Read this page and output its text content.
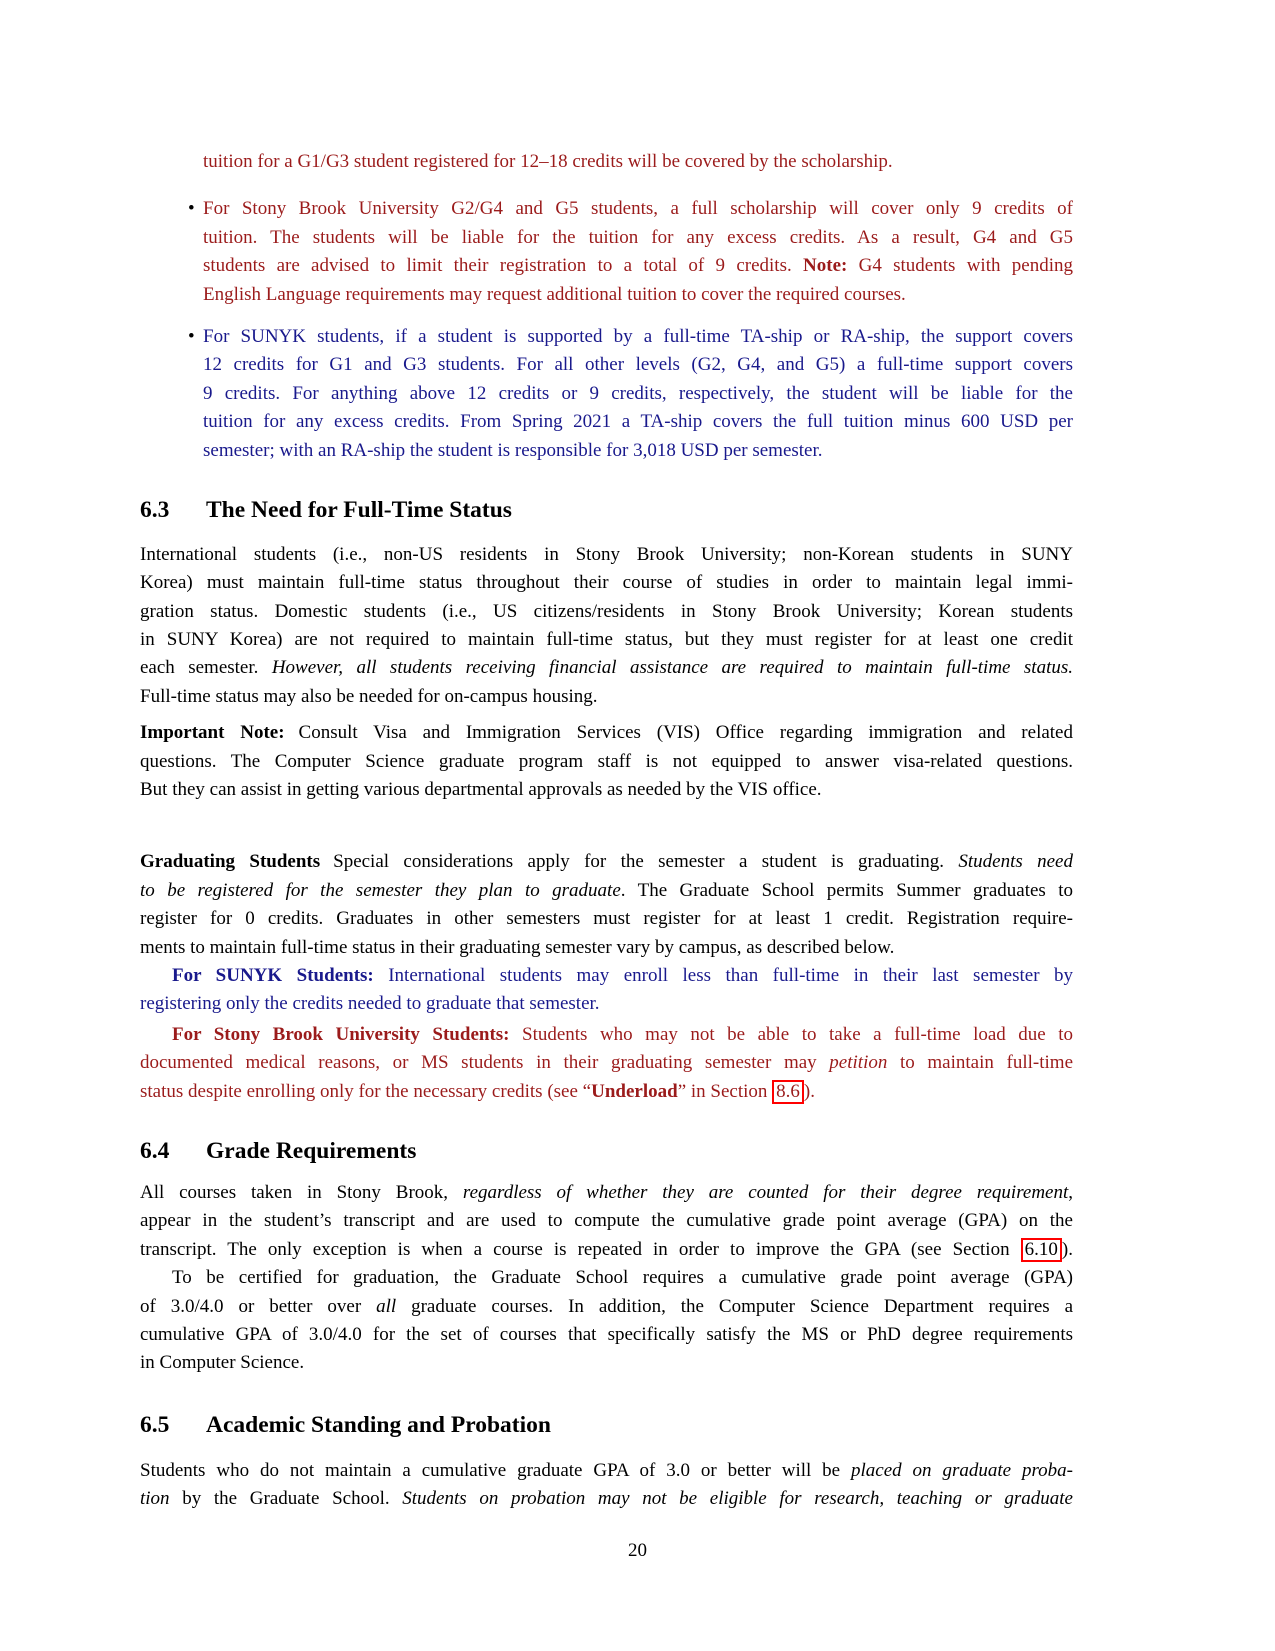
tuition for a G1/G3 student registered for 12–18 credits will be covered by the scholarship.
• For Stony Brook University G2/G4 and G5 students, a full scholarship will cover only 9 credits of
tuition. The students will be liable for the tuition for any excess credits. As a result, G4 and G5
students are advised to limit their registration to a total of 9 credits. Note: G4 students with pending
English Language requirements may request additional tuition to cover the required courses.
• For SUNYK students, if a student is supported by a full-time TA-ship or RA-ship, the support covers
12 credits for G1 and G3 students. For all other levels (G2, G4, and G5) a full-time support covers
9 credits. For anything above 12 credits or 9 credits, respectively, the student will be liable for the
tuition for any excess credits. From Spring 2021 a TA-ship covers the full tuition minus 600 USD per
semester; with an RA-ship the student is responsible for 3,018 USD per semester.
6.3 The Need for Full-Time Status
International students (i.e., non-US residents in Stony Brook University; non-Korean students in SUNY
Korea) must maintain full-time status throughout their course of studies in order to maintain legal immi-
gration status. Domestic students (i.e., US citizens/residents in Stony Brook University; Korean students
in SUNY Korea) are not required to maintain full-time status, but they must register for at least one credit
each semester. However, all students receiving financial assistance are required to maintain full-time status.
Full-time status may also be needed for on-campus housing.
Important Note: Consult Visa and Immigration Services (VIS) Office regarding immigration and related
questions. The Computer Science graduate program staff is not equipped to answer visa-related questions.
But they can assist in getting various departmental approvals as needed by the VIS office.
Graduating Students Special considerations apply for the semester a student is graduating. Students need
to be registered for the semester they plan to graduate. The Graduate School permits Summer graduates to
register for 0 credits. Graduates in other semesters must register for at least 1 credit. Registration require-
ments to maintain full-time status in their graduating semester vary by campus, as described below.
For SUNYK Students: International students may enroll less than full-time in their last semester by
registering only the credits needed to graduate that semester.
For Stony Brook University Students: Students who may not be able to take a full-time load due to
documented medical reasons, or MS students in their graduating semester may petition to maintain full-time
status despite enrolling only for the necessary credits (see “Underload” in Section 8.6 ).
6.4 Grade Requirements
All courses taken in Stony Brook, regardless of whether they are counted for their degree requirement,
appear in the student’s transcript and are used to compute the cumulative grade point average (GPA) on the
transcript. The only exception is when a course is repeated in order to improve the GPA (see Section 6.10 ).
To be certified for graduation, the Graduate School requires a cumulative grade point average (GPA)
of 3.0/4.0 or better over all graduate courses. In addition, the Computer Science Department requires a
cumulative GPA of 3.0/4.0 for the set of courses that specifically satisfy the MS or PhD degree requirements
in Computer Science.
6.5 Academic Standing and Probation
Students who do not maintain a cumulative graduate GPA of 3.0 or better will be placed on graduate proba-
tion by the Graduate School. Students on probation may not be eligible for research, teaching or graduate
20
